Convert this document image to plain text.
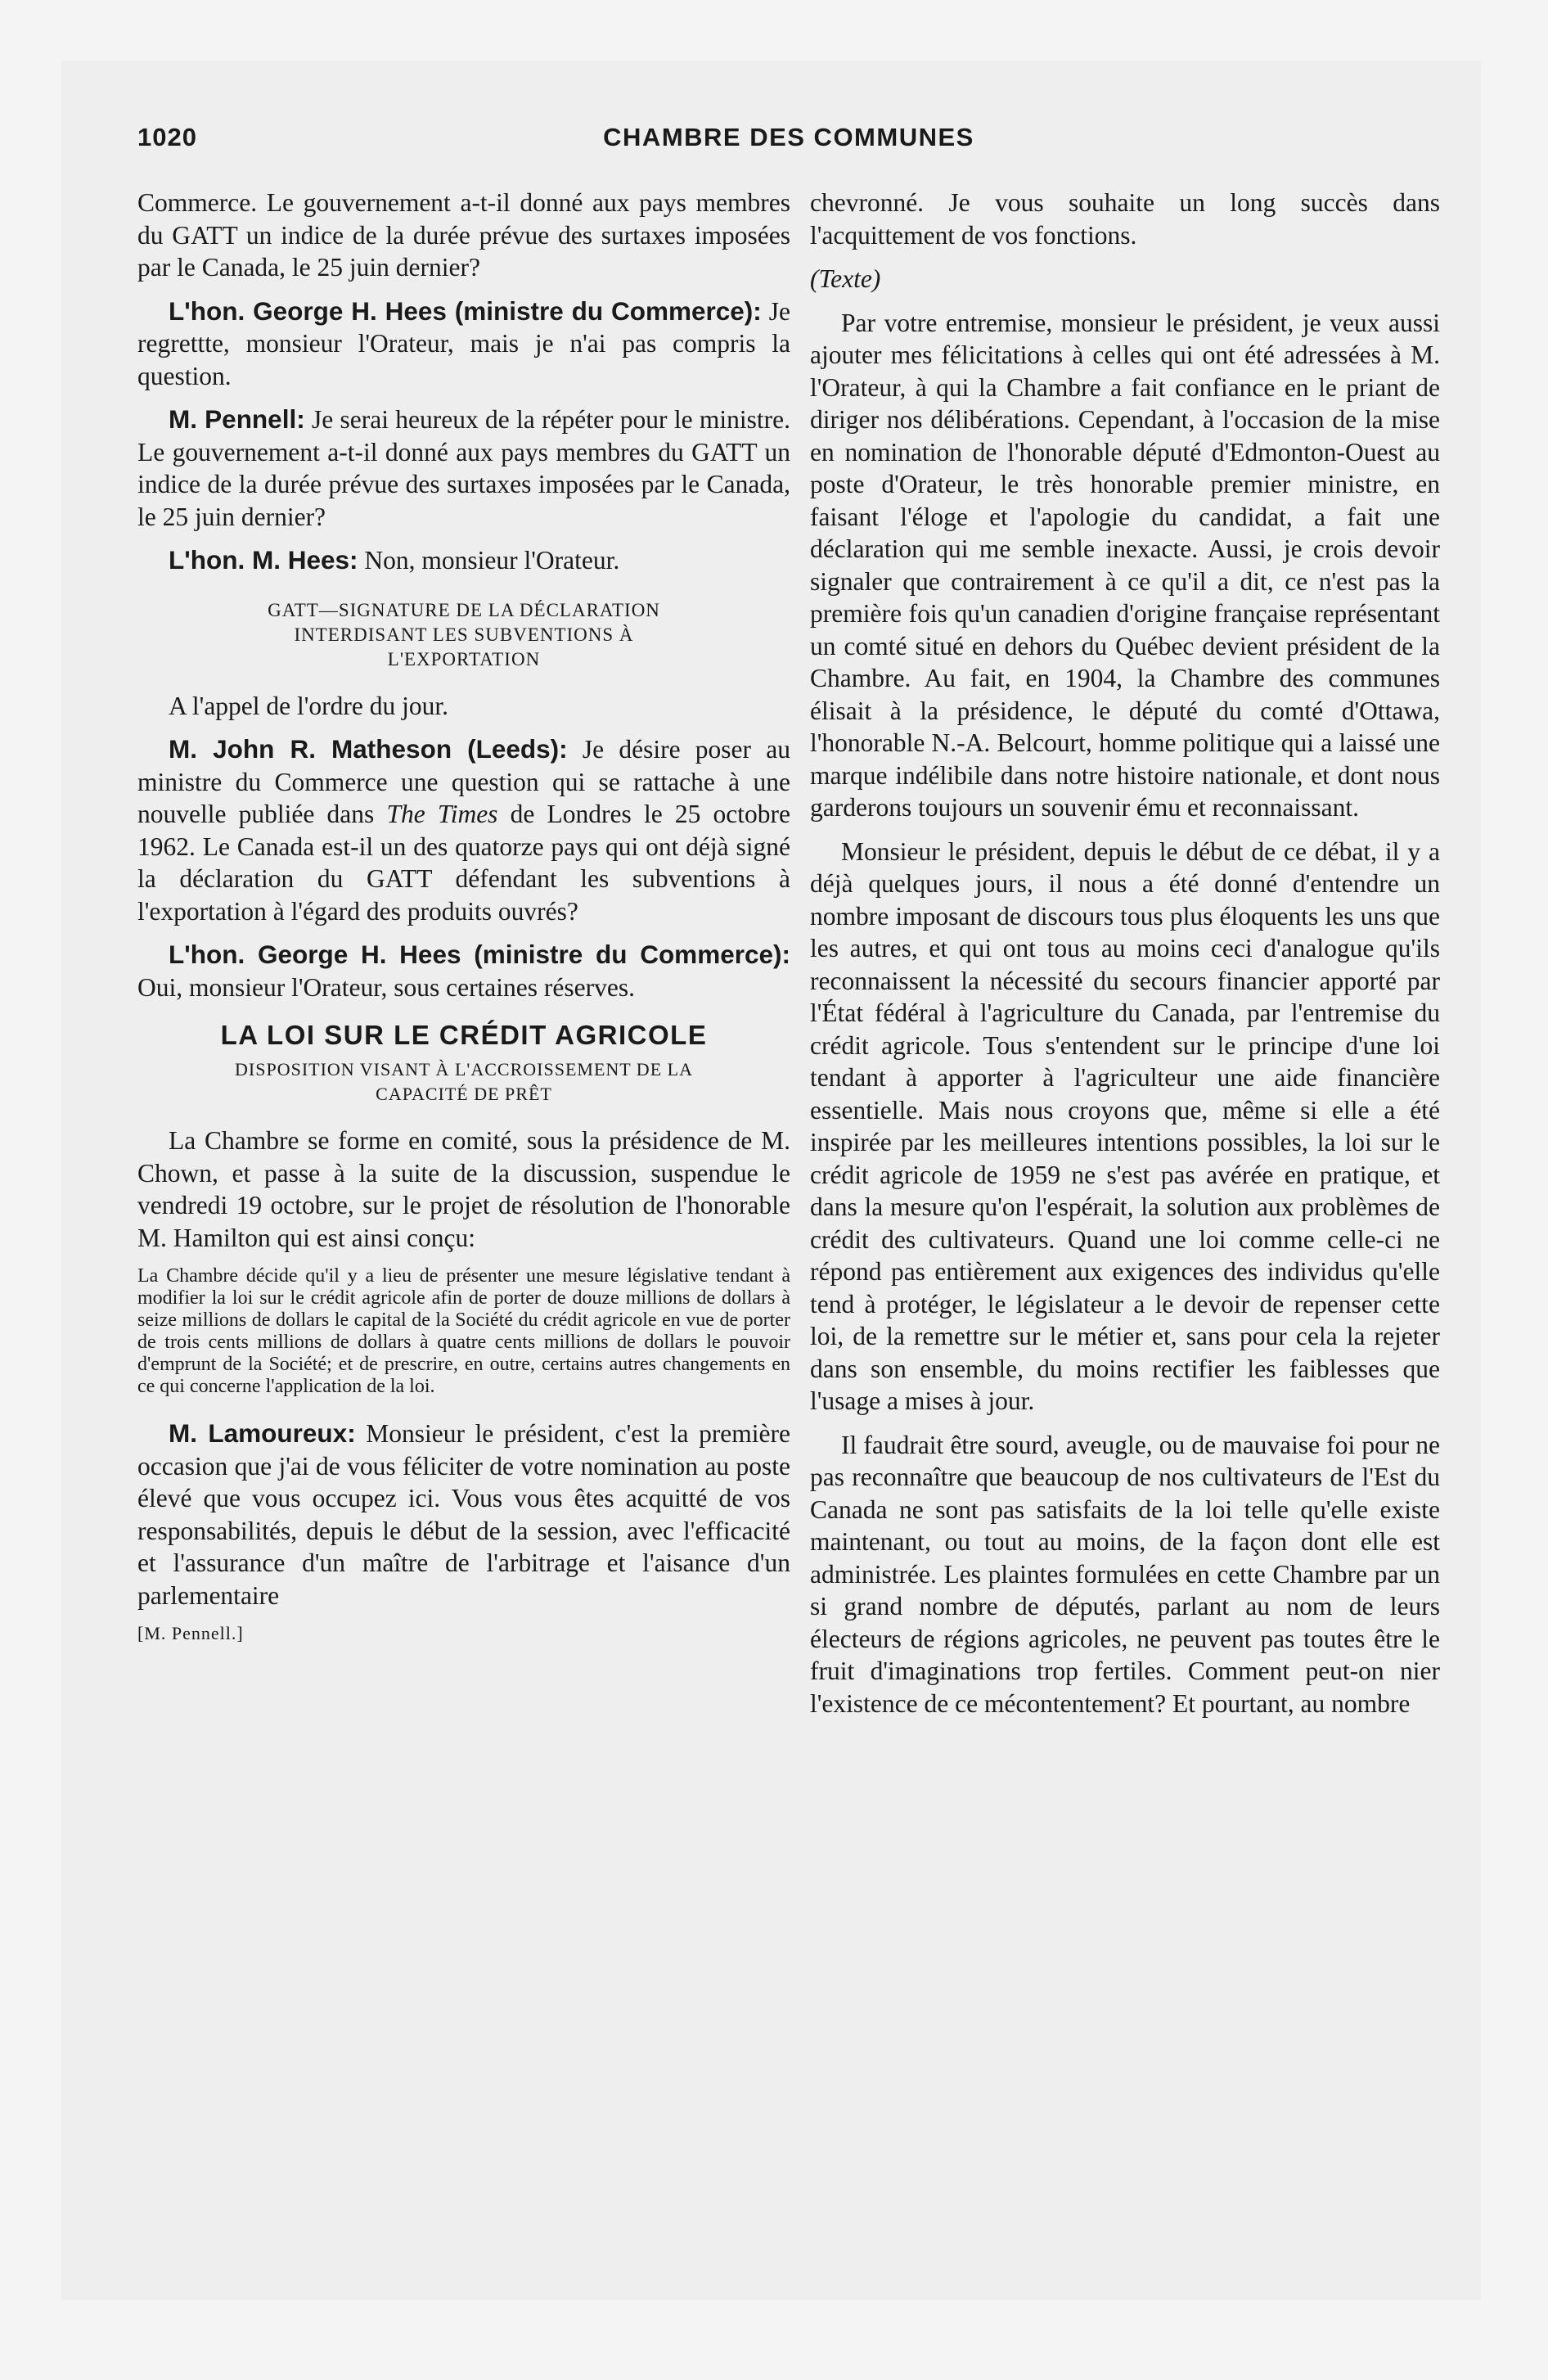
1020	CHAMBRE DES COMMUNES

Commerce. Le gouvernement a-t-il donné aux pays membres du GATT un indice de la durée prévue des surtaxes imposées par le Canada, le 25 juin dernier?

L'hon. George H. Hees (ministre du Commerce): Je regrettte, monsieur l'Orateur, mais je n'ai pas compris la question.

M. Pennell: Je serai heureux de la répéter pour le ministre. Le gouvernement a-t-il donné aux pays membres du GATT un indice de la durée prévue des surtaxes imposées par le Canada, le 25 juin dernier?

L'hon. M. Hees: Non, monsieur l'Orateur.

GATT—SIGNATURE DE LA DÉCLARATION
INTERDISANT LES SUBVENTIONS À
L'EXPORTATION

A l'appel de l'ordre du jour.

M. John R. Matheson (Leeds): Je désire poser au ministre du Commerce une question qui se rattache à une nouvelle publiée dans The Times de Londres le 25 octobre 1962. Le Canada est-il un des quatorze pays qui ont déjà signé la déclaration du GATT défendant les subventions à l'exportation à l'égard des produits ouvrés?

L'hon. George H. Hees (ministre du Commerce): Oui, monsieur l'Orateur, sous certaines réserves.

LA LOI SUR LE CRÉDIT AGRICOLE
DISPOSITION VISANT À L'ACCROISSEMENT DE LA
CAPACITÉ DE PRÊT

La Chambre se forme en comité, sous la présidence de M. Chown, et passe à la suite de la discussion, suspendue le vendredi 19 octobre, sur le projet de résolution de l'honorable M. Hamilton qui est ainsi conçu:

La Chambre décide qu'il y a lieu de présenter une mesure législative tendant à modifier la loi sur le crédit agricole afin de porter de douze millions de dollars à seize millions de dollars le capital de la Société du crédit agricole en vue de porter de trois cents millions de dollars à quatre cents millions de dollars le pouvoir d'emprunt de la Société; et de prescrire, en outre, certains autres changements en ce qui concerne l'application de la loi.

M. Lamoureux: Monsieur le président, c'est la première occasion que j'ai de vous féliciter de votre nomination au poste élevé que vous occupez ici. Vous vous êtes acquitté de vos responsabilités, depuis le début de la session, avec l'efficacité et l'assurance d'un maître de l'arbitrage et l'aisance d'un parlementaire

[M. Pennell.]

chevronné. Je vous souhaite un long succès dans l'acquittement de vos fonctions.

(Texte)

Par votre entremise, monsieur le président, je veux aussi ajouter mes félicitations à celles qui ont été adressées à M. l'Orateur, à qui la Chambre a fait confiance en le priant de diriger nos délibérations. Cependant, à l'occasion de la mise en nomination de l'honorable député d'Edmonton-Ouest au poste d'Orateur, le très honorable premier ministre, en faisant l'éloge et l'apologie du candidat, a fait une déclaration qui me semble inexacte. Aussi, je crois devoir signaler que contrairement à ce qu'il a dit, ce n'est pas la première fois qu'un canadien d'origine française représentant un comté situé en dehors du Québec devient président de la Chambre. Au fait, en 1904, la Chambre des communes élisait à la présidence, le député du comté d'Ottawa, l'honorable N.-A. Belcourt, homme politique qui a laissé une marque indélibile dans notre histoire nationale, et dont nous garderons toujours un souvenir ému et reconnaissant.

Monsieur le président, depuis le début de ce débat, il y a déjà quelques jours, il nous a été donné d'entendre un nombre imposant de discours tous plus éloquents les uns que les autres, et qui ont tous au moins ceci d'analogue qu'ils reconnaissent la nécessité du secours financier apporté par l'État fédéral à l'agriculture du Canada, par l'entremise du crédit agricole. Tous s'entendent sur le principe d'une loi tendant à apporter à l'agriculteur une aide financière essentielle. Mais nous croyons que, même si elle a été inspirée par les meilleures intentions possibles, la loi sur le crédit agricole de 1959 ne s'est pas avérée en pratique, et dans la mesure qu'on l'espérait, la solution aux problèmes de crédit des cultivateurs. Quand une loi comme celle-ci ne répond pas entièrement aux exigences des individus qu'elle tend à protéger, le législateur a le devoir de repenser cette loi, de la remettre sur le métier et, sans pour cela la rejeter dans son ensemble, du moins rectifier les faiblesses que l'usage a mises à jour.

Il faudrait être sourd, aveugle, ou de mauvaise foi pour ne pas reconnaître que beaucoup de nos cultivateurs de l'Est du Canada ne sont pas satisfaits de la loi telle qu'elle existe maintenant, ou tout au moins, de la façon dont elle est administrée. Les plaintes formulées en cette Chambre par un si grand nombre de députés, parlant au nom de leurs électeurs de régions agricoles, ne peuvent pas toutes être le fruit d'imaginations trop fertiles. Comment peut-on nier l'existence de ce mécontentement? Et pourtant, au nombre
